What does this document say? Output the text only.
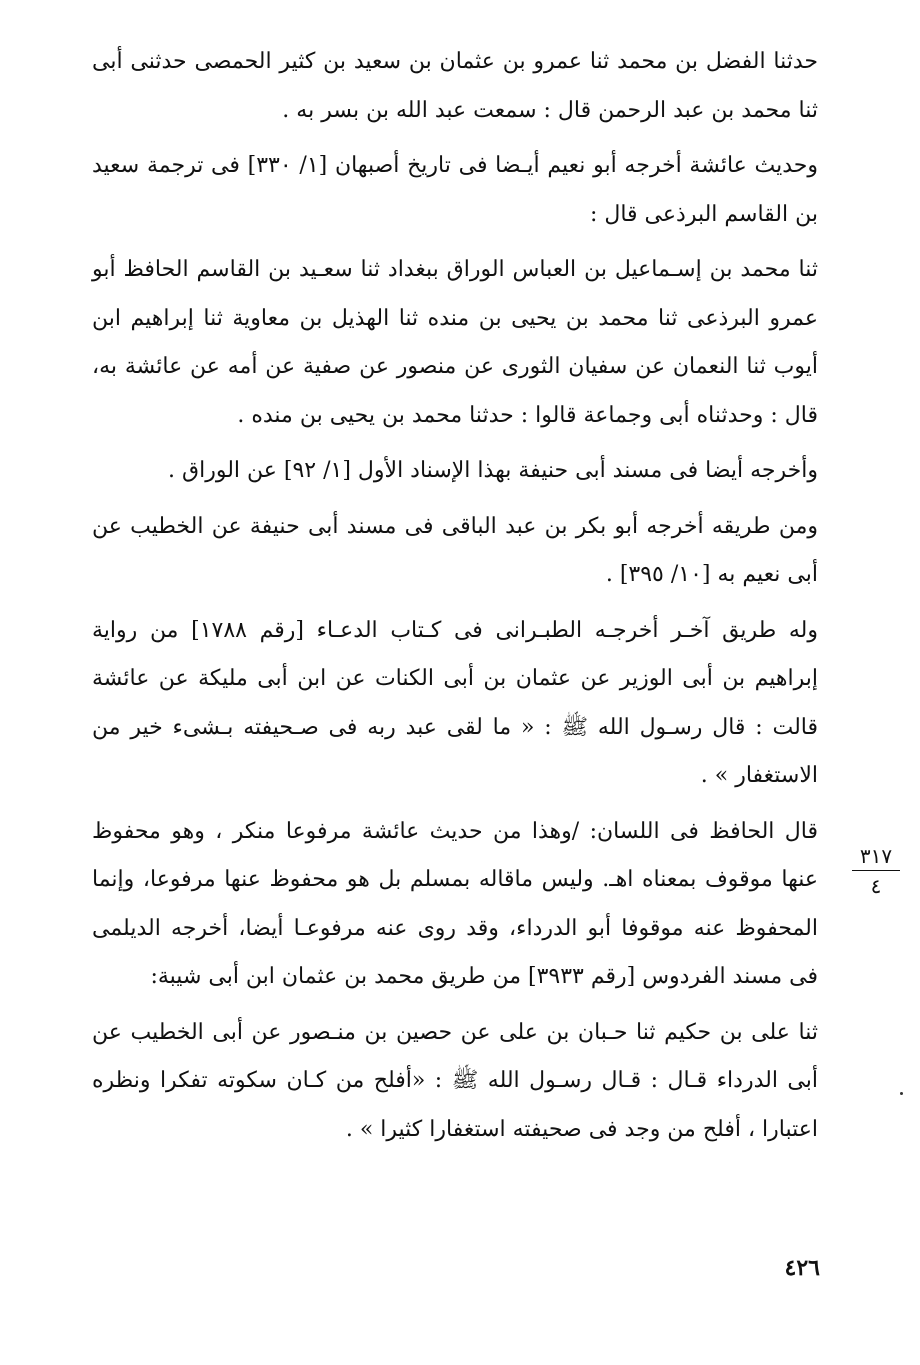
حدثنا الفضل بن محمد ثنا عمرو بن عثمان بن سعيد بن كثير الحمصى حدثنى أبى ثنا محمد بن عبد الرحمن قال : سمعت عبد الله بن بسر به .

وحديث عائشة أخرجه أبو نعيم أيـضا فى تاريخ أصبهان [١/ ٣٣٠] فى ترجمة سعيد بن القاسم البرذعى قال :

ثنا محمد بن إسـماعيل بن العباس الوراق ببغداد ثنا سعـيد بن القاسم الحافظ أبو عمرو البرذعى ثنا محمد بن يحيى بن منده ثنا الهذيل بن معاوية ثنا إبراهيم ابن أيوب ثنا النعمان عن سفيان الثورى عن منصور عن صفية عن أمه عن عائشة به، قال : وحدثناه أبى وجماعة قالوا : حدثنا محمد بن يحيى بن منده .

وأخرجه أيضا فى مسند أبى حنيفة بهذا الإسناد الأول [١/ ٩٢] عن الوراق .

ومن طريقه أخرجه أبو بكر بن عبد الباقى فى مسند أبى حنيفة عن الخطيب عن أبى نعيم به [١٠/ ٣٩٥] .

وله طريق آخـر أخرجـه الطبـرانى فى كـتاب الدعـاء [رقم ١٧٨٨] من رواية إبراهيم بن أبى الوزير عن عثمان بن أبى الكنات عن ابن أبى مليكة عن عائشة قالت : قال رسـول الله ﷺ : « ما لقى عبد ربه فى صـحيفته بـشىء خير من الاستغفار » .

قال الحافظ فى اللسان: /وهذا من حديث عائشة مرفوعا منكر ، وهو محفوظ عنها موقوف بمعناه اهـ. وليس ماقاله بمسلم بل هو محفوظ عنها مرفوعا، وإنما المحفوظ عنه موقوفا أبو الدرداء، وقد روى عنه مرفوعـا أيضا، أخرجه الديلمى فى مسند الفردوس [رقم ٣٩٣٣] من طريق محمد بن عثمان ابن أبى شيبة:

ثنا على بن حكيم ثنا حـبان بن على عن حصين بن منـصور عن أبى الخطيب عن أبى الدرداء قـال : قـال رسـول الله ﷺ : «أفلح من كـان سكوته تفكرا ونظره اعتبارا ، أفلح من وجد فى صحيفته استغفارا كثيرا » .

٣١٧
٤
٤٢٦
